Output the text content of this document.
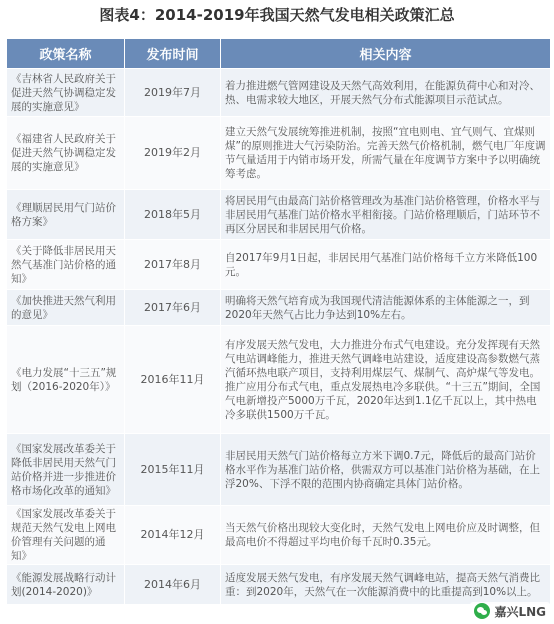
图表4：2014-2019年我国天然气发电相关政策汇总
政策名称	发布时间	相关内容
《吉林省人民政府关于促进天然气协调稳定发展的实施意见》	2019年7月	着力推进燃气管网建设及天然气高效利用，在能源负荷中心和对冷、热、电需求较大地区，开展天然气分布式能源项目示范试点。
《福建省人民政府关于促进天然气协调稳定发展的实施意见》	2019年2月	建立天然气发展统筹推进机制，按照“宜电则电、宜气则气、宜煤则煤”的原则推进大气污染防治。完善天然气价格机制，燃气电厂年度调节气量适用于内销市场开发，所需气量在年度调节方案中予以明确统筹考虑。
《理顺居民用气门站价格方案》	2018年5月	将居民用气由最高门站价格管理改为基准门站价格管理，价格水平与非居民用气基准门站价格水平相衔接。门站价格理顺后，门站环节不再区分居民和非居民用气价格。
《关于降低非居民用天然气基准门站价格的通知》	2017年8月	自2017年9月1日起，非居民用气基准门站价格每千立方米降低100元。
《加快推进天然气利用的意见》	2017年6月	明确将天然气培育成为我国现代清洁能源体系的主体能源之一，到2020年天然气占比力争达到10%左右。
《电力发展“十三五”规划（2016-2020年）》	2016年11月	有序发展天然气发电，大力推进分布式气电建设。充分发挥现有天然气电站调峰能力，推进天然气调峰电站建设，适度建设高参数燃气蒸汽循环热电联产项目，支持利用煤层气、煤制气、高炉煤气等发电。推广应用分布式气电，重点发展热电冷多联供。“十三五”期间，全国气电新增投产5000万千瓦，2020年达到1.1亿千瓦以上，其中热电冷多联供1500万千瓦。
《国家发展改革委关于降低非居民用天然气门站价格并进一步推进价格市场化改革的通知》	2015年11月	非居民用天然气门站价格每立方米下调0.7元，降低后的最高门站价格水平作为基准门站价格，供需双方可以基准门站价格为基础，在上浮20%、下浮不限的范围内协商确定具体门站价格。
《国家发展改革委关于规范天然气发电上网电价管理有关问题的通知》	2014年12月	当天然气价格出现较大变化时，天然气发电上网电价应及时调整，但最高电价不得超过平均电价每千瓦时0.35元。
《能源发展战略行动计划(2014-2020)》	2014年6月	适度发展天然气发电，有序发展天然气调峰电站，提高天然气消费比重：到2020年，天然气在一次能源消费中的比重提高到10%以上。
嘉兴LNG
